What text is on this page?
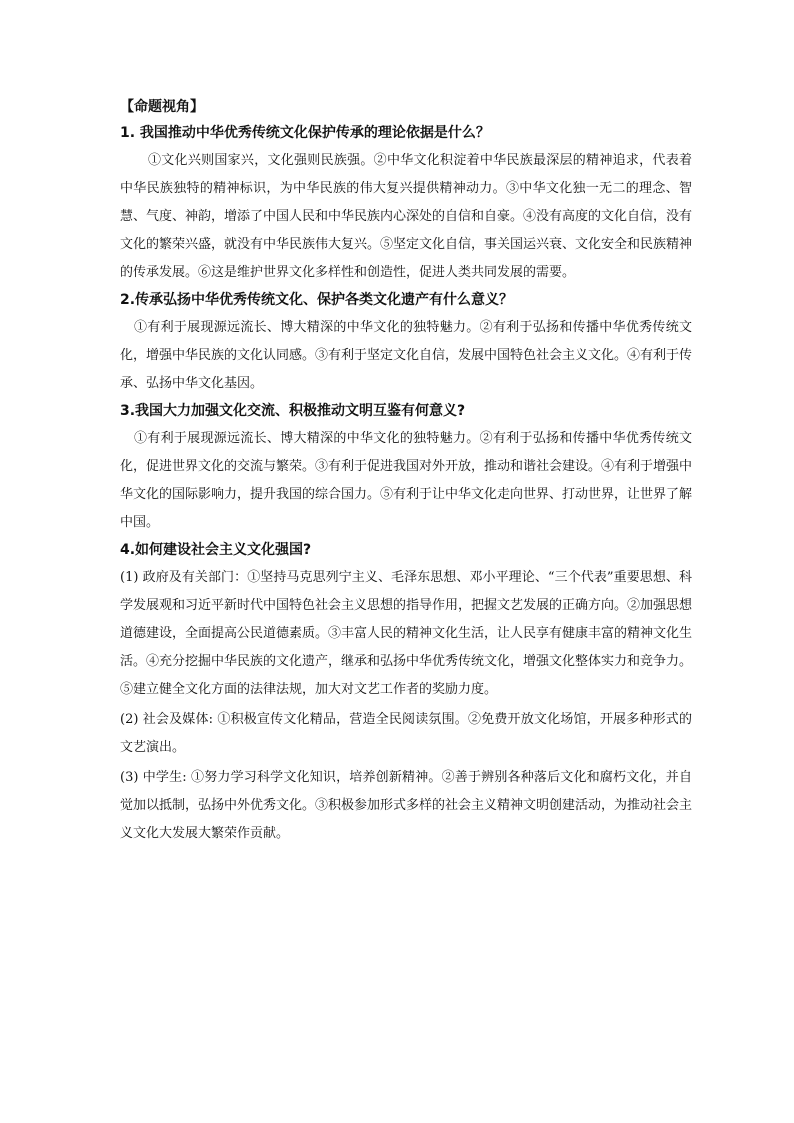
【命题视角】
1. 我国推动中华优秀传统文化保护传承的理论依据是什么？

①文化兴则国家兴，文化强则民族强。②中华文化积淀着中华民族最深层的精神追求，代表着中华民族独特的精神标识，为中华民族的伟大复兴提供精神动力。③中华文化独一无二的理念、智慧、气度、神韵，增添了中国人民和中华民族内心深处的自信和自豪。④没有高度的文化自信，没有文化的繁荣兴盛，就没有中华民族伟大复兴。⑤坚定文化自信，事关国运兴衰、文化安全和民族精神的传承发展。⑥这是维护世界文化多样性和创造性，促进人类共同发展的需要。

2.传承弘扬中华优秀传统文化、保护各类文化遗产有什么意义？

①有利于展现源远流长、博大精深的中华文化的独特魅力。②有利于弘扬和传播中华优秀传统文化，增强中华民族的文化认同感。③有利于坚定文化自信，发展中国特色社会主义文化。④有利于传承、弘扬中华文化基因。

3.我国大力加强文化交流、积极推动文明互鉴有何意义?

①有利于展现源远流长、博大精深的中华文化的独特魅力。②有利于弘扬和传播中华优秀传统文化，促进世界文化的交流与繁荣。③有利于促进我国对外开放，推动和谐社会建设。④有利于增强中华文化的国际影响力，提升我国的综合国力。⑤有利于让中华文化走向世界、打动世界，让世界了解中国。

4.如何建设社会主义文化强国?

(1) 政府及有关部门：①坚持马克思列宁主义、毛泽东思想、邓小平理论、“三个代表”重要思想、科学发展观和习近平新时代中国特色社会主义思想的指导作用，把握文艺发展的正确方向。②加强思想道德建设，全面提高公民道德素质。③丰富人民的精神文化生活，让人民享有健康丰富的精神文化生活。④充分挖掘中华民族的文化遗产，继承和弘扬中华优秀传统文化，增强文化整体实力和竞争力。⑤建立健全文化方面的法律法规，加大对文艺工作者的奖励力度。

(2) 社会及媒体: ①积极宣传文化精品，营造全民阅读氛围。②免费开放文化场馆，开展多种形式的文艺演出。

(3) 中学生: ①努力学习科学文化知识，培养创新精神。②善于辨别各种落后文化和腐朽文化，并自觉加以抵制，弘扬中外优秀文化。③积极参加形式多样的社会主义精神文明创建活动，为推动社会主义文化大发展大繁荣作贡献。
